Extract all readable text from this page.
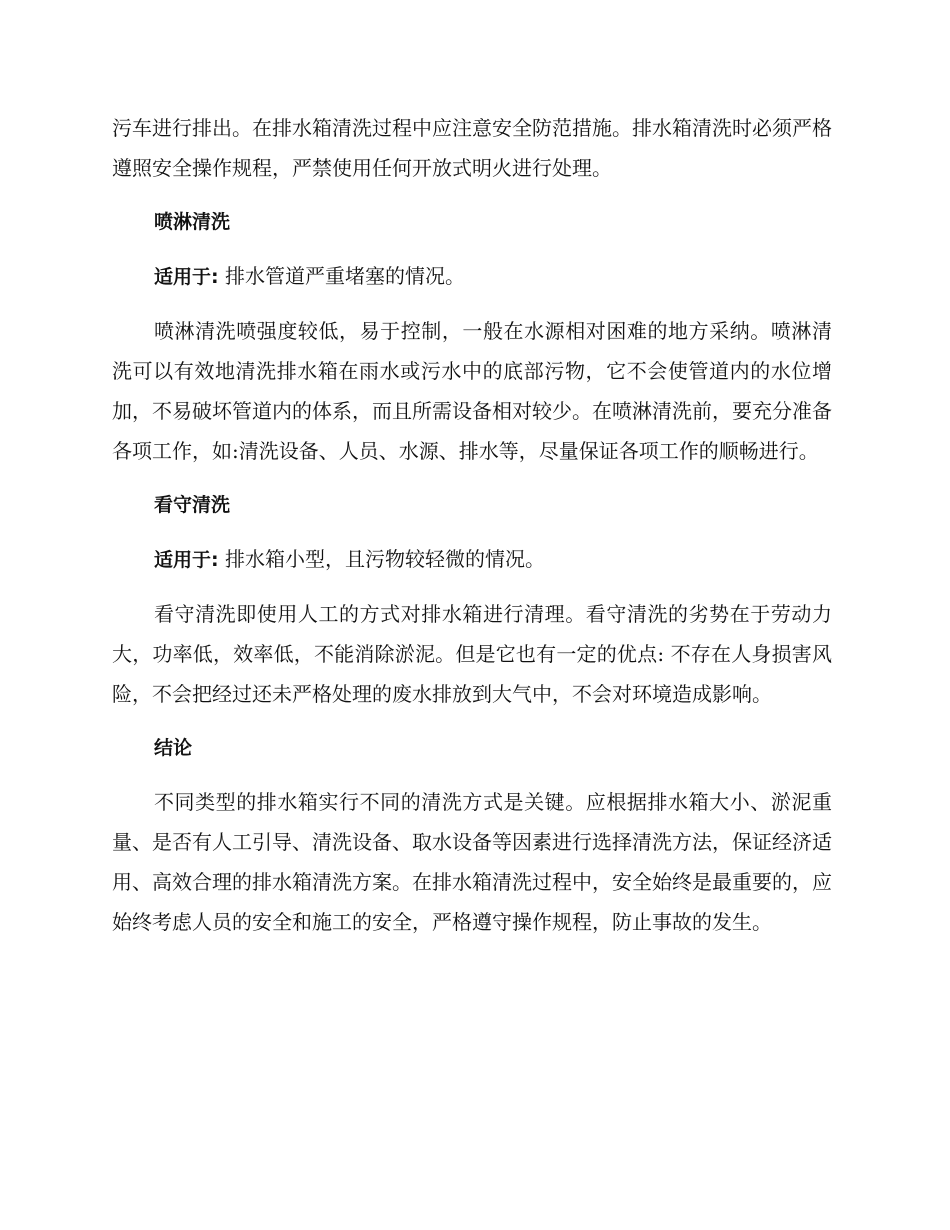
污车进行排出。在排水箱清洗过程中应注意安全防范措施。排水箱清洗时必须严格遵照安全操作规程，严禁使用任何开放式明火进行处理。

喷淋清洗

适用于: 排水管道严重堵塞的情况。

喷淋清洗喷强度较低，易于控制，一般在水源相对困难的地方采纳。喷淋清洗可以有效地清洗排水箱在雨水或污水中的底部污物，它不会使管道内的水位增加，不易破坏管道内的体系，而且所需设备相对较少。在喷淋清洗前，要充分准备各项工作，如:清洗设备、人员、水源、排水等，尽量保证各项工作的顺畅进行。

看守清洗

适用于: 排水箱小型，且污物较轻微的情况。

看守清洗即使用人工的方式对排水箱进行清理。看守清洗的劣势在于劳动力大，功率低，效率低，不能消除淤泥。但是它也有一定的优点: 不存在人身损害风险，不会把经过还未严格处理的废水排放到大气中，不会对环境造成影响。

结论

不同类型的排水箱实行不同的清洗方式是关键。应根据排水箱大小、淤泥重量、是否有人工引导、清洗设备、取水设备等因素进行选择清洗方法，保证经济适用、高效合理的排水箱清洗方案。在排水箱清洗过程中，安全始终是最重要的，应始终考虑人员的安全和施工的安全，严格遵守操作规程，防止事故的发生。
